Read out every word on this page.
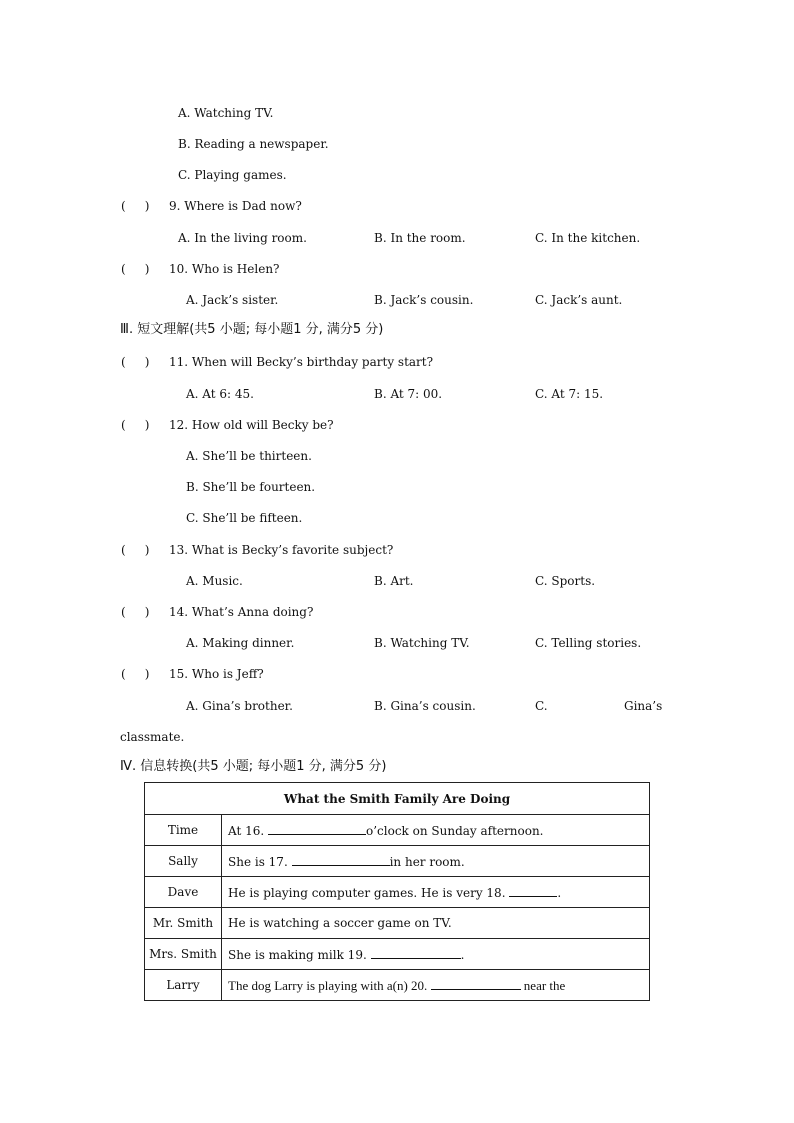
A. Watching TV.
B. Reading a newspaper.
C. Playing games.
(     ) 9. Where is Dad now?
A. In the living room.	B. In the room.	C. In the kitchen.
(     ) 10. Who is Helen?
A. Jack’s sister.	B. Jack’s cousin.	C. Jack’s aunt.
Ⅲ. 短文理解(共5 小题; 每小题1 分, 满分5 分)
(     ) 11. When will Becky’s birthday party start?
A. At 6: 45.	B. At 7: 00.	C. At 7: 15.
(     ) 12. How old will Becky be?
A. She’ll be thirteen.
B. She’ll be fourteen.
C. She’ll be fifteen.
(     ) 13. What is Becky’s favorite subject?
A. Music.	B. Art.	C. Sports.
(     ) 14. What’s Anna doing?
A. Making dinner.	B. Watching TV.	C. Telling stories.
(     ) 15. Who is Jeff?
A. Gina’s brother.	B. Gina’s cousin.	C.	Gina’s
classmate.
Ⅳ. 信息转换(共5 小题; 每小题1 分, 满分5 分)
What the Smith Family Are Doing	
Time	At 16. o’clock on Sunday afternoon.
Sally	She is 17. in her room.
Dave	He is playing computer games. He is very 18. .
Mr. Smith	He is watching a soccer game on TV.
Mrs. Smith	She is making milk 19. .
Larry	The dog Larry is playing with a(n) 20. near the
